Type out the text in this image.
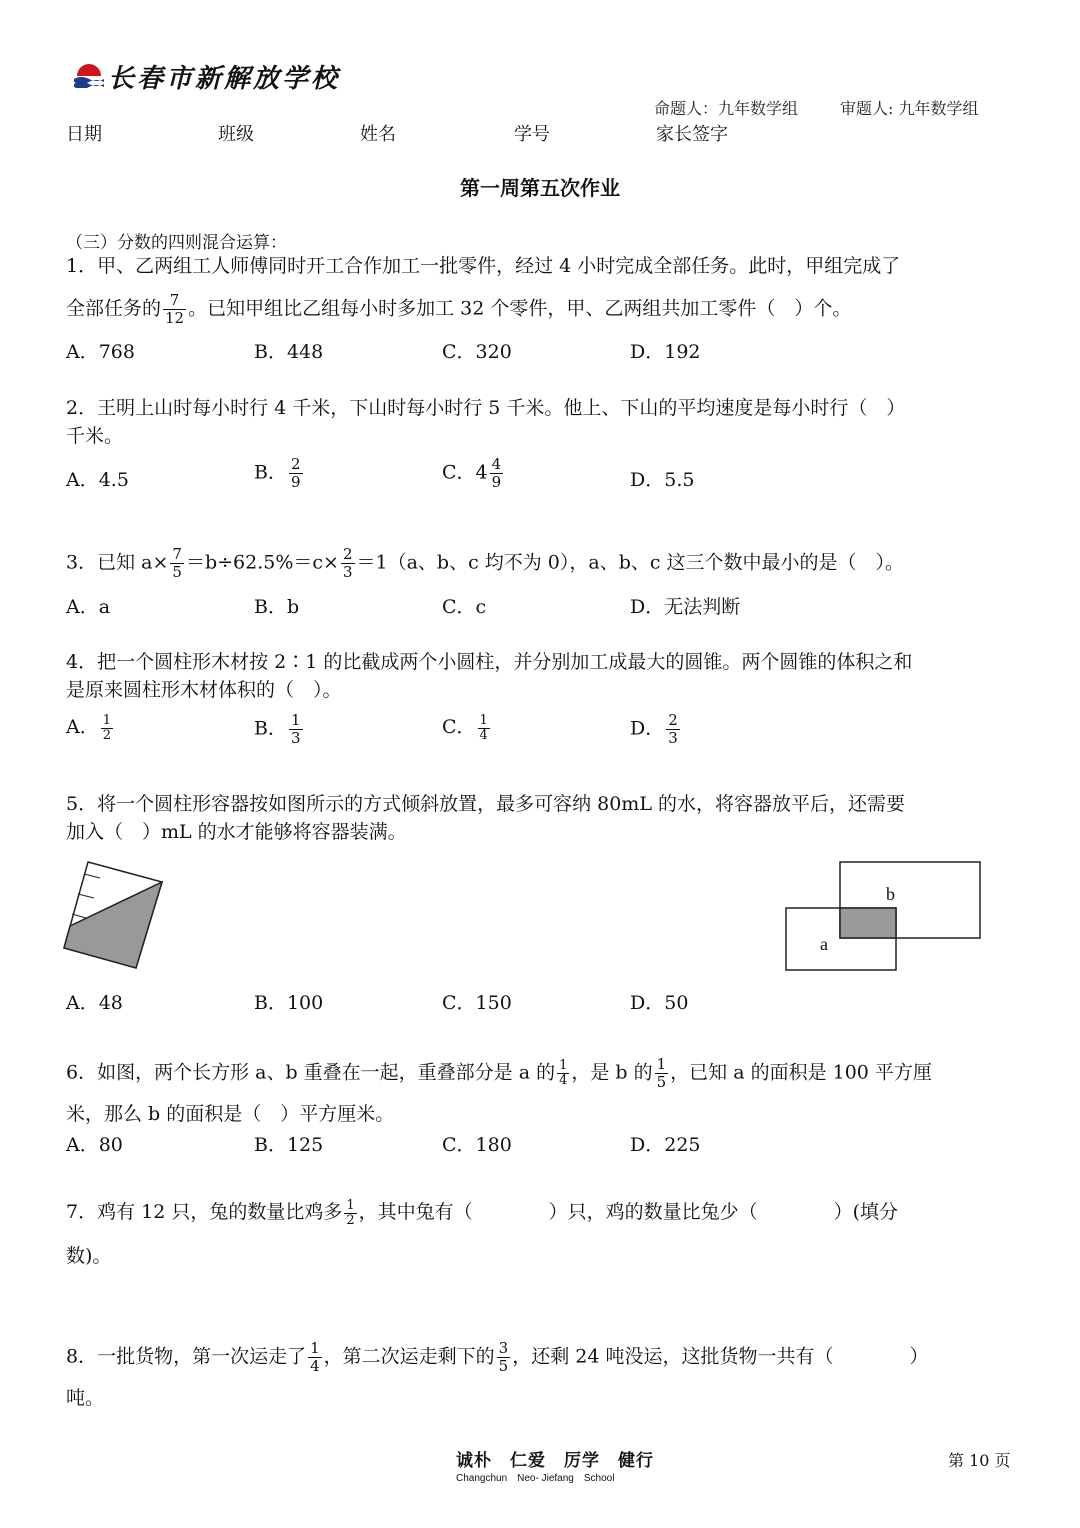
长春市新解放学校
命题人：九年数学组	审题人: 九年数学组
日期	班级	姓名	学号	家长签字
第一周第五次作业
（三）分数的四则混合运算：
1．甲、乙两组工人师傅同时开工合作加工一批零件，经过 4 小时完成全部任务。此时，甲组完成了
全部任务的 $\frac{7}{12}$ 。已知甲组比乙组每小时多加工 32 个零件，甲、乙两组共加工零件（　）个。
A．768	B．448	C．320	D．192
2．王明上山时每小时行 4 千米，下山时每小时行 5 千米。他上、下山的平均速度是每小时行（　）
千米。
A．4.5	B． $\frac{2}{9}$	C．$4 \frac{4}{9}$	D．5.5
3．已知 $a\times \frac{7}{5} =b\div 62.5\%=c\times \frac{2}{3} =1(a$、b、c 均不为 0），a、b、c 这三个数中最小的是（　）。
A．a	B．b	C．c	D．无法判断
4．把一个圆柱形木材按 2∶1 的比截成两个小圆柱，并分别加工成最大的圆锥。两个圆锥的体积之和
是原来圆柱形木材体积的（　）。
A． $\frac{1}{2}$	B． $\frac{1}{3}$	C． $\frac{1}{4}$	D． $\frac{2}{3}$
5．将一个圆柱形容器按如图所示的方式倾斜放置，最多可容纳 80mL 的水，将容器放平后，还需要
加入（　）mL 的水才能够将容器装满。
b
a
A．48	B．100	C．150	D．50
6．如图，两个长方形 a、b 重叠在一起，重叠部分是 a 的 $\frac{1}{4}$ ，是 b 的 $\frac{1}{5}$ ，已知 a 的面积是 100 平方厘
米，那么 b 的面积是（　）平方厘米。
A．80	B．125	C．180	D．225
7．鸡有 12 只，兔的数量比鸡多 $\frac{1}{2}$ ，其中兔有（　　　　）只，鸡的数量比兔少（　　　　）(填分
数)。
8．一批货物，第一次运走了 $\frac{1}{4}$ ，第二次运走剩下的 $\frac{3}{5}$ ，还剩 24 吨没运，这批货物一共有（　　　　）
吨。
诚朴　仁爱　厉学　健行
Changchun　Neo- Jiefang　School
第 10 页
